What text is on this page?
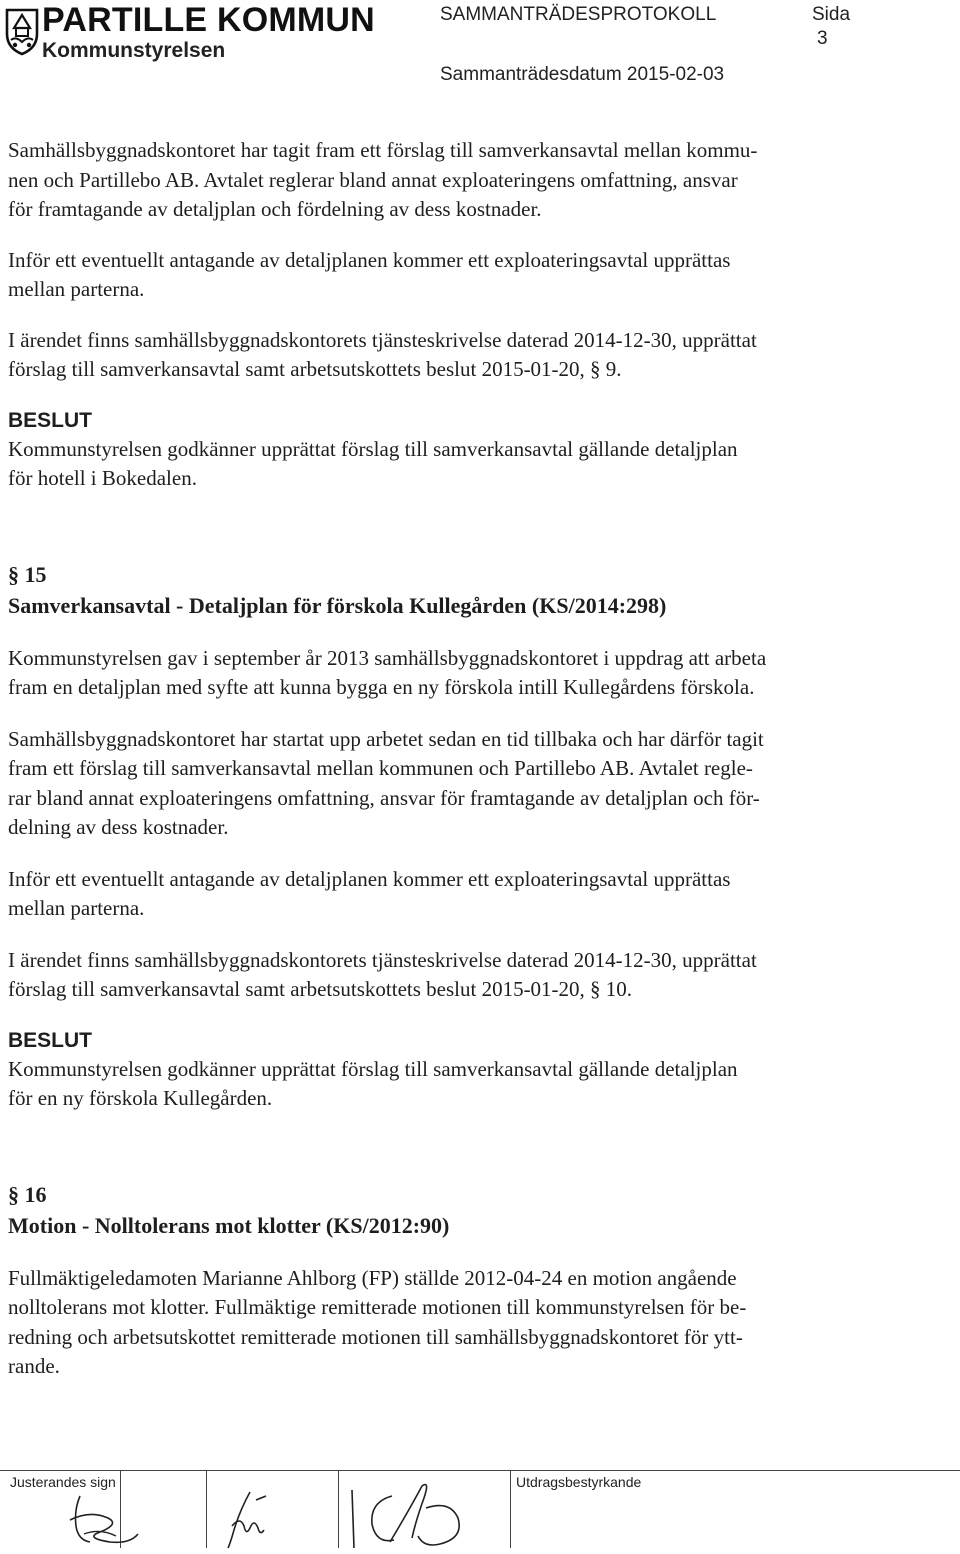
PARTILLE KOMMUN
Kommunstyrelsen
SAMMANTRÄDESPROTOKOLL	Sida
3
Sammanträdesdatum 2015-02-03

Samhällsbyggnadskontoret har tagit fram ett förslag till samverkansavtal mellan kommu-
nen och Partillebo AB. Avtalet reglerar bland annat exploateringens omfattning, ansvar
för framtagande av detaljplan och fördelning av dess kostnader.

Inför ett eventuellt antagande av detaljplanen kommer ett exploateringsavtal upprättas
mellan parterna.

I ärendet finns samhällsbyggnadskontorets tjänsteskrivelse daterad 2014-12-30, upprättat
förslag till samverkansavtal samt arbetsutskottets beslut 2015-01-20, § 9.

BESLUT

Kommunstyrelsen godkänner upprättat förslag till samverkansavtal gällande detaljplan
för hotell i Bokedalen.

§ 15
Samverkansavtal - Detaljplan för förskola Kullegården (KS/2014:298)

Kommunstyrelsen gav i september år 2013 samhällsbyggnadskontoret i uppdrag att arbeta
fram en detaljplan med syfte att kunna bygga en ny förskola intill Kullegårdens förskola.

Samhällsbyggnadskontoret har startat upp arbetet sedan en tid tillbaka och har därför tagit
fram ett förslag till samverkansavtal mellan kommunen och Partillebo AB. Avtalet regle-
rar bland annat exploateringens omfattning, ansvar för framtagande av detaljplan och för-
delning av dess kostnader.

Inför ett eventuellt antagande av detaljplanen kommer ett exploateringsavtal upprättas
mellan parterna.

I ärendet finns samhällsbyggnadskontorets tjänsteskrivelse daterad 2014-12-30, upprättat
förslag till samverkansavtal samt arbetsutskottets beslut 2015-01-20, § 10.

BESLUT

Kommunstyrelsen godkänner upprättat förslag till samverkansavtal gällande detaljplan
för en ny förskola Kullegården.

§ 16
Motion - Nolltolerans mot klotter (KS/2012:90)

Fullmäktigeledamoten Marianne Ahlborg (FP) ställde 2012-04-24 en motion angående
nolltolerans mot klotter. Fullmäktige remitterade motionen till kommunstyrelsen för be-
redning och arbetsutskottet remitterade motionen till samhällsbyggnadskontoret för ytt-
rande.

Justerandes sign	Utdragsbestyrkande
